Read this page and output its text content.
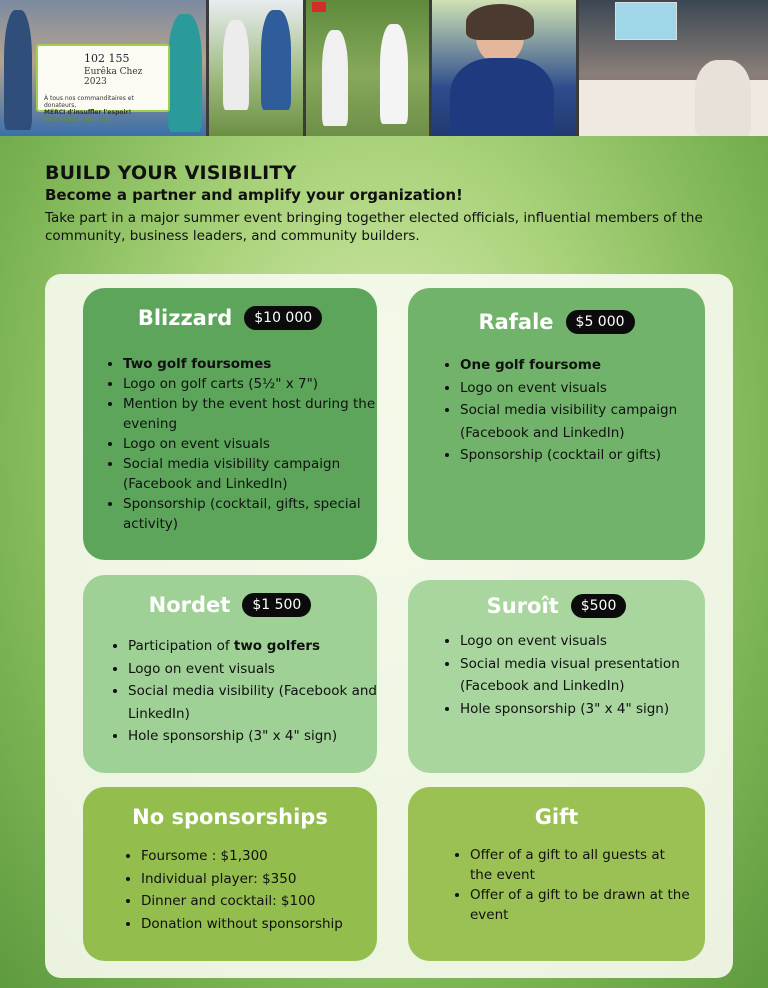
102 155
Eurêka Chez 2023
À tous nos commanditaires et donateurs,
MERCI d'insuffler l'espoir!
www.ventsdespoir.org
BUILD YOUR VISIBILITY
Become a partner and amplify your organization!

Take part in a major summer event bringing together elected officials, influential members of the community, business leaders, and community builders.

Blizzard	$10 000
• Two golf foursomes
• Logo on golf carts (5½" x 7")
• Mention by the event host during the evening
• Logo on event visuals
• Social media visibility campaign (Facebook and LinkedIn)
• Sponsorship (cocktail, gifts, special activity)
Rafale	$5 000
• One golf foursome
• Logo on event visuals
• Social media visibility campaign (Facebook and LinkedIn)
• Sponsorship (cocktail or gifts)
Nordet	$1 500
• Participation of two golfers
• Logo on event visuals
• Social media visibility (Facebook and LinkedIn)
• Hole sponsorship (3" x 4" sign)
Suroît	$500
• Logo on event visuals
• Social media visual presentation (Facebook and LinkedIn)
• Hole sponsorship (3" x 4" sign)
No sponsorships
• Foursome : $1,300
• Individual player: $350
• Dinner and cocktail: $100
• Donation without sponsorship
Gift
• Offer of a gift to all guests at the event
• Offer of a gift to be drawn at the event
